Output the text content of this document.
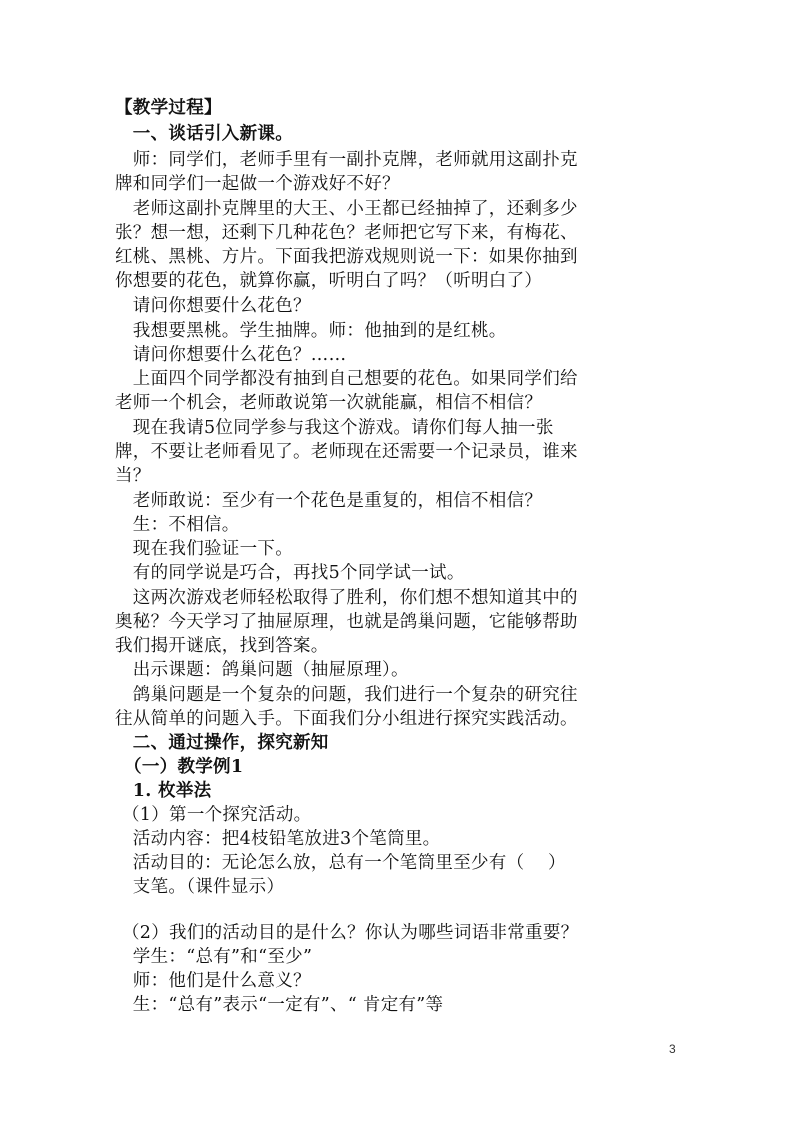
【教学过程】
　一、谈话引入新课。
　师：同学们，老师手里有一副扑克牌，老师就用这副扑克
牌和同学们一起做一个游戏好不好？
　老师这副扑克牌里的大王、小王都已经抽掉了，还剩多少
张？想一想，还剩下几种花色？老师把它写下来，有梅花、
红桃、黑桃、方片。下面我把游戏规则说一下：如果你抽到
你想要的花色，就算你赢，听明白了吗？（听明白了）
　请问你想要什么花色？
　我想要黑桃。学生抽牌。师：他抽到的是红桃。
　请问你想要什么花色？……
　上面四个同学都没有抽到自己想要的花色。如果同学们给
老师一个机会，老师敢说第一次就能赢，相信不相信？
　现在我请5位同学参与我这个游戏。请你们每人抽一张
牌，不要让老师看见了。老师现在还需要一个记录员，谁来
当？
　老师敢说：至少有一个花色是重复的，相信不相信？
　生：不相信。
　现在我们验证一下。
　有的同学说是巧合，再找5个同学试一试。
　这两次游戏老师轻松取得了胜利，你们想不想知道其中的
奥秘？今天学习了抽屉原理，也就是鸽巢问题，它能够帮助
我们揭开谜底，找到答案。
　出示课题：鸽巢问题（抽屉原理）。
　鸽巢问题是一个复杂的问题，我们进行一个复杂的研究往
往从简单的问题入手。下面我们分小组进行探究实践活动。
　二、通过操作，探究新知
　（一）教学例1
　1. 枚举法
（1）第一个探究活动。
　活动内容：把4枝铅笔放进3个笔筒里。
　活动目的：无论怎么放，总有一个笔筒里至少有（　 ）
　支笔。（课件显示）
（2）我们的活动目的是什么？你认为哪些词语非常重要？
　学生：“总有”和“至少”
　师：他们是什么意义？
　生：“总有”表示“一定有”、“ 肯定有”等
3
